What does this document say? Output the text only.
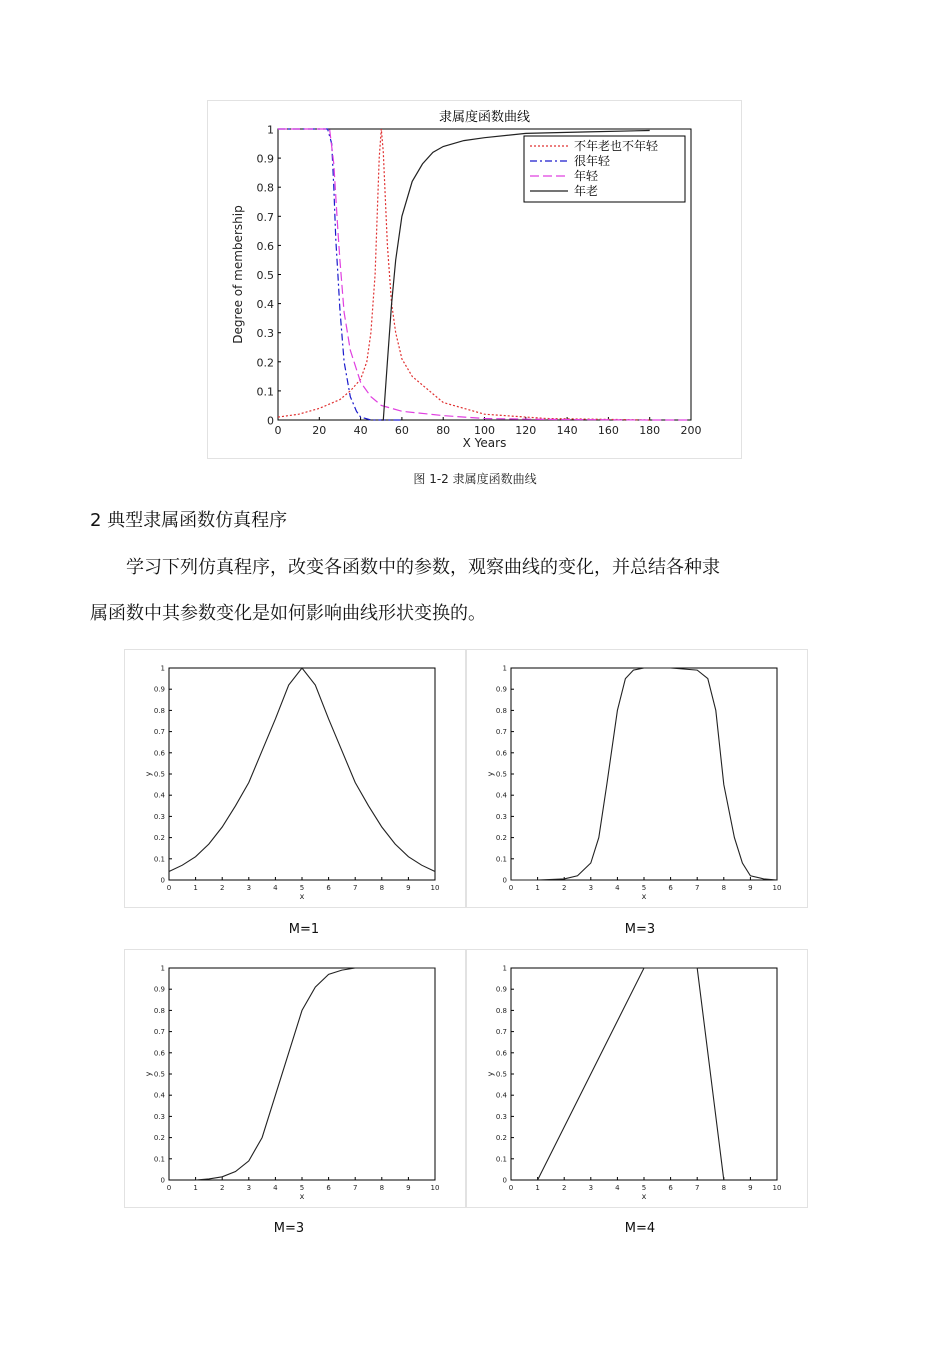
0	20 40 60 80 100 120 140 160 180 200
0
0.1
0.2
0.3
0.4
0.5
0.6
0.7
0.8
0.9
1
隶属度函数曲线
X Years
Degree of membership
不年老也不年轻
很年轻
年轻
年老
图 1-2 隶属度函数曲线
2 典型隶属函数仿真程序
学习下列仿真程序，改变各函数中的参数，观察曲线的变化，并总结各种隶
属函数中其参数变化是如何影响曲线形状变换的。
0	1	2	3	4	5	6	7	8	9	10
0
0.1
0.2
0.3
0.4
0.5
0.6
0.7
0.8
0.9
1
x
y
0	1	2	3	4	5	6	7	8	9	10
0
0.1
0.2
0.3
0.4
0.5
0.6
0.7
0.8
0.9
1
x
y
M=1	M=3
0	1	2	3	4	5	6	7	8	9	10
0
0.1
0.2
0.3
0.4
0.5
0.6
0.7
0.8
0.9
1
x
y
0	1	2	3	4	5	6	7	8	9	10
0
0.1
0.2
0.3
0.4
0.5
0.6
0.7
0.8
0.9
1
x
y
M=3	M=4
